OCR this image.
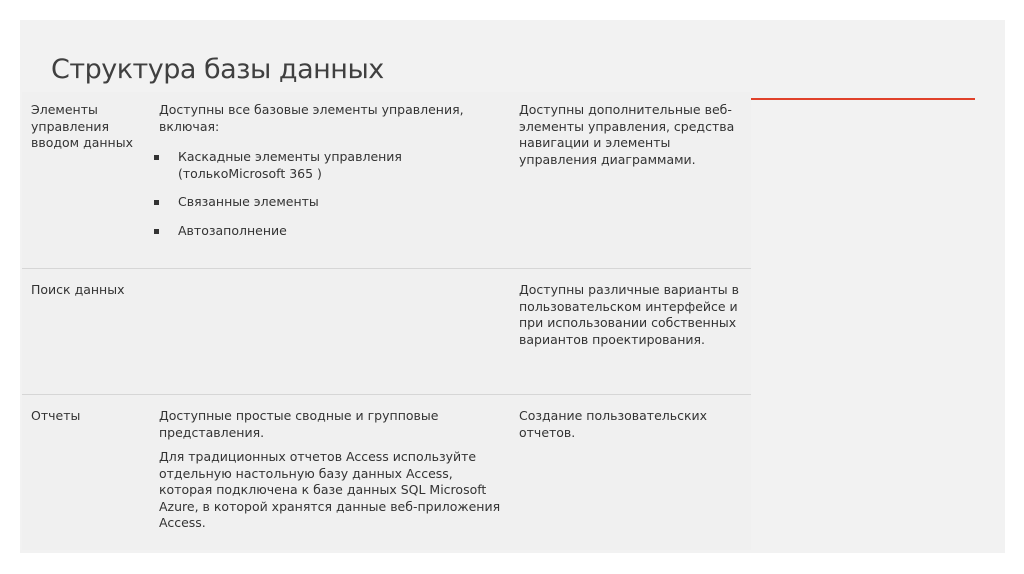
Структура базы данных
Элементы управления вводом данных
Доступны все базовые элементы управления, включая:
Каскадные элементы управления (толькоMicrosoft 365 )
Связанные элементы
Автозаполнение
Доступны дополнительные веб-элементы управления, средства навигации и элементы управления диаграммами.
Поиск данных	Доступны различные варианты в пользовательском интерфейсе и при использовании собственных вариантов проектирования.
Отчеты	Доступные простые сводные и групповые представления.
Для традиционных отчетов Access используйте отдельную настольную базу данных Access, которая подключена к базе данных SQL Microsoft Azure, в которой хранятся данные веб-приложения Access.
Создание пользовательских отчетов.
